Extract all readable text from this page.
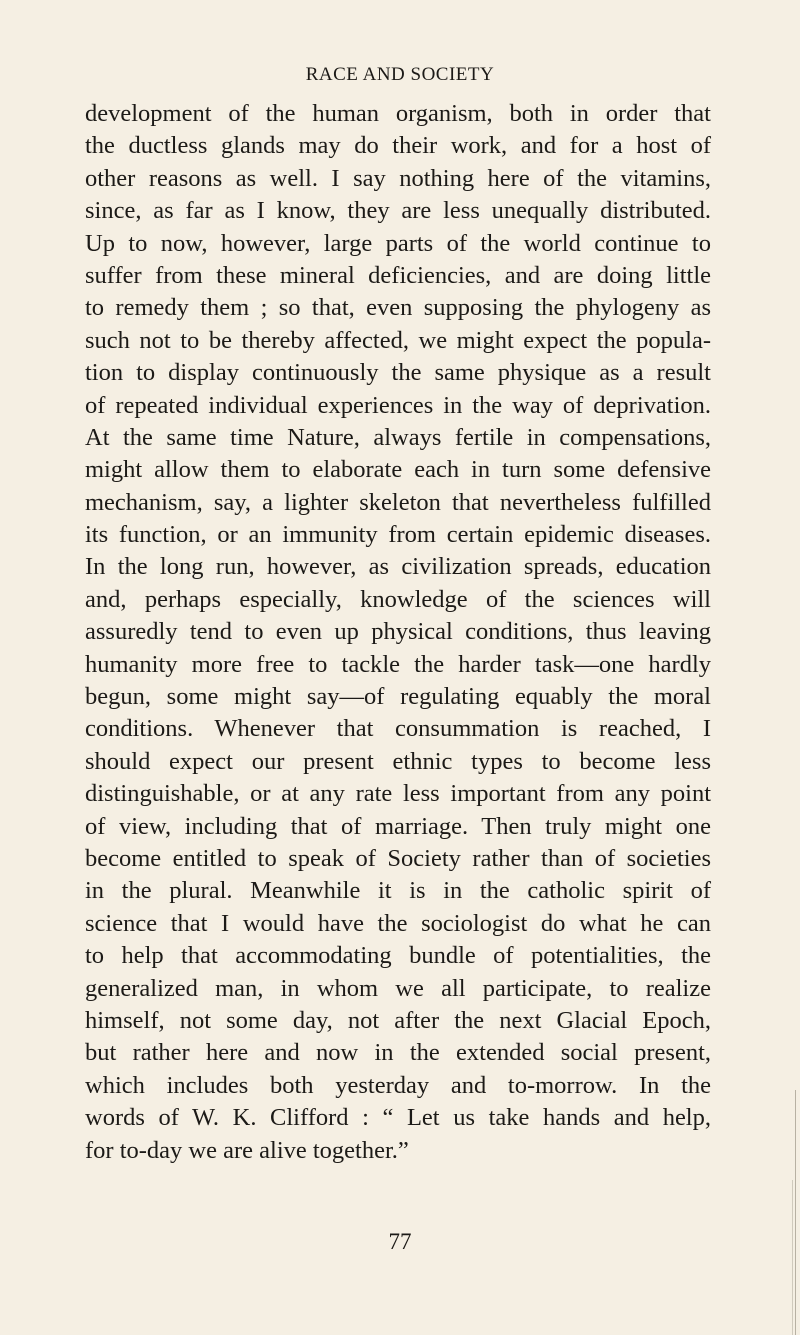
RACE AND SOCIETY
development of the human organism, both in order that
the ductless glands may do their work, and for a host of
other reasons as well. I say nothing here of the vitamins,
since, as far as I know, they are less unequally distributed.
Up to now, however, large parts of the world continue to
suffer from these mineral deficiencies, and are doing little
to remedy them ; so that, even supposing the phylogeny as
such not to be thereby affected, we might expect the popula-
tion to display continuously the same physique as a result
of repeated individual experiences in the way of deprivation.
At the same time Nature, always fertile in compensations,
might allow them to elaborate each in turn some defensive
mechanism, say, a lighter skeleton that nevertheless fulfilled
its function, or an immunity from certain epidemic diseases.
In the long run, however, as civilization spreads, education
and, perhaps especially, knowledge of the sciences will
assuredly tend to even up physical conditions, thus leaving
humanity more free to tackle the harder task—one hardly
begun, some might say—of regulating equably the moral
conditions. Whenever that consummation is reached, I
should expect our present ethnic types to become less
distinguishable, or at any rate less important from any point
of view, including that of marriage. Then truly might one
become entitled to speak of Society rather than of societies
in the plural. Meanwhile it is in the catholic spirit of
science that I would have the sociologist do what he can
to help that accommodating bundle of potentialities, the
generalized man, in whom we all participate, to realize
himself, not some day, not after the next Glacial Epoch,
but rather here and now in the extended social present,
which includes both yesterday and to-morrow. In the
words of W. K. Clifford : “ Let us take hands and help,
for to-day we are alive together.”
77
